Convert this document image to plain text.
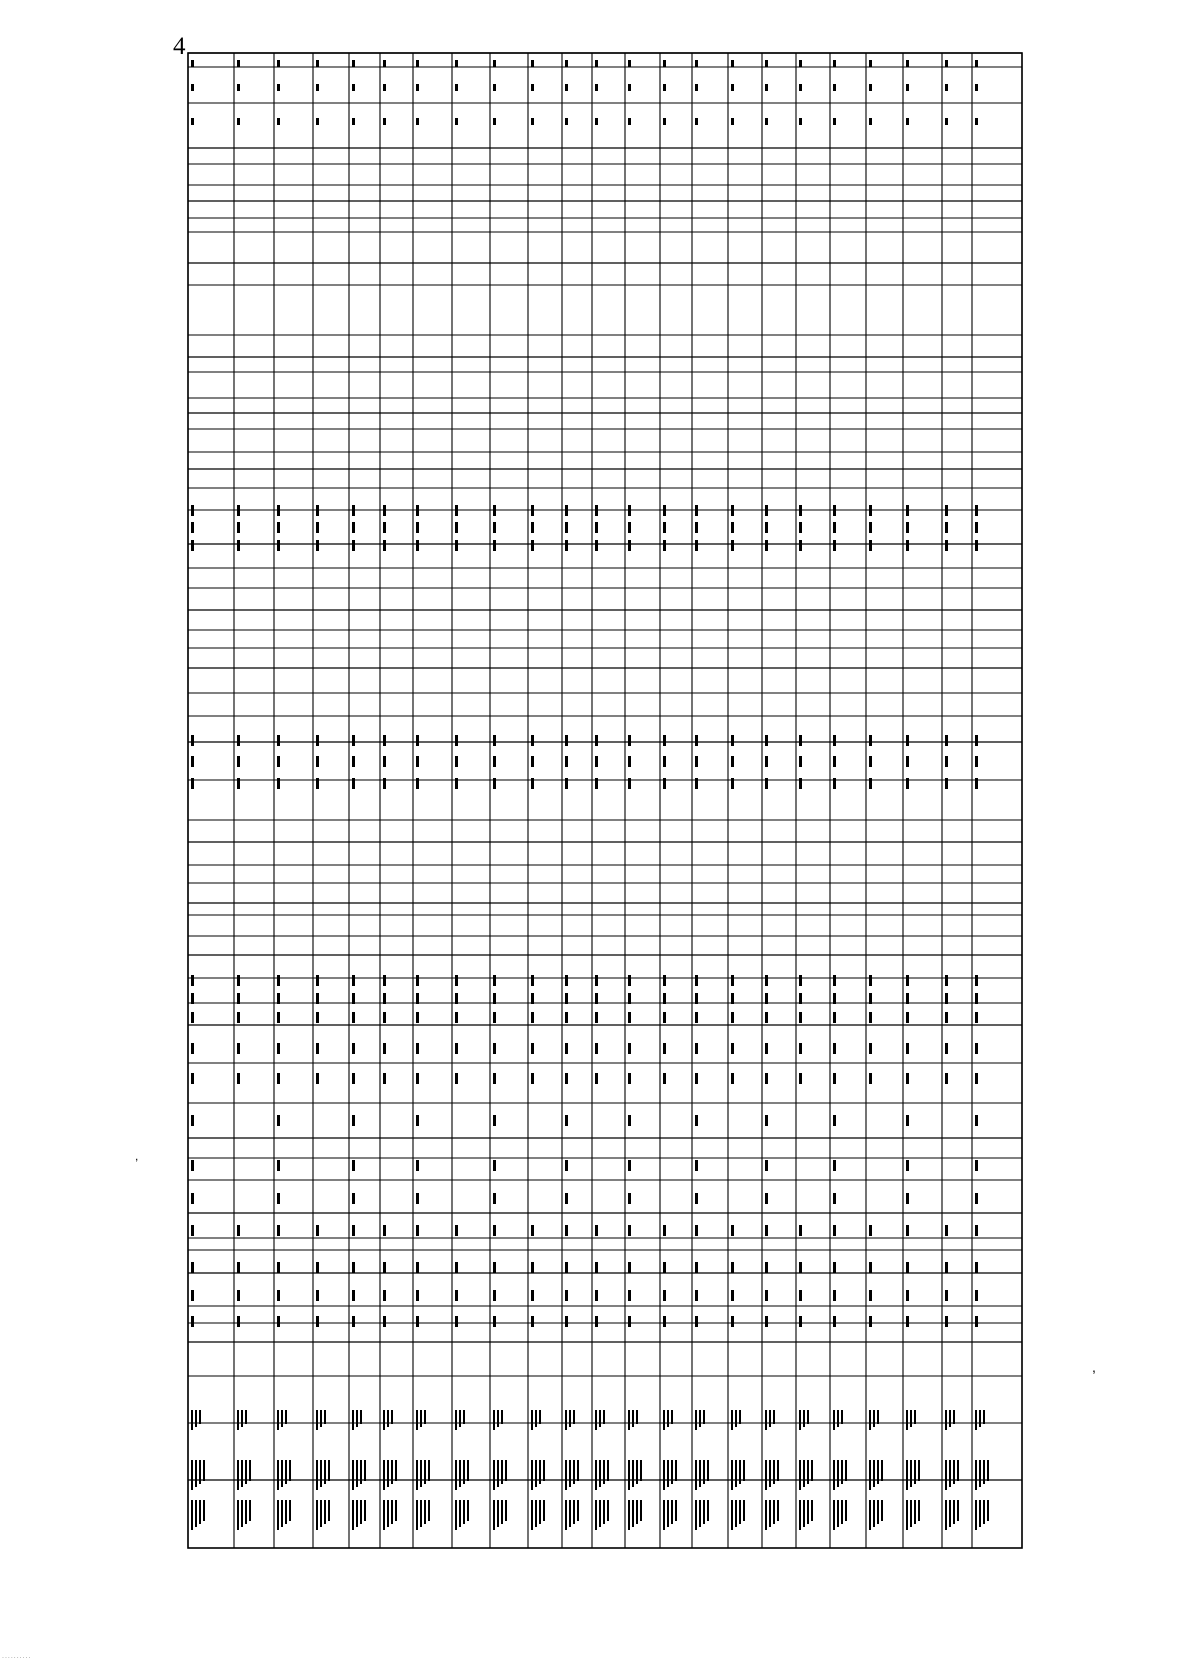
4
,
,
..........
